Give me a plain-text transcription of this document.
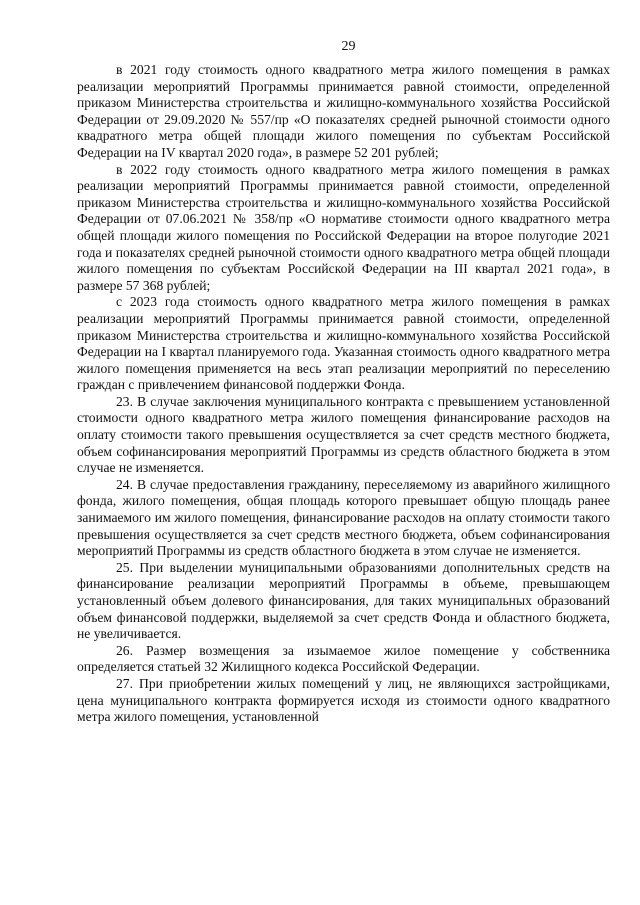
29

в 2021 году стоимость одного квадратного метра жилого помещения в рамках реализации мероприятий Программы принимается равной стоимости, определенной приказом Министерства строительства и жилищно-коммунального хозяйства Российской Федерации от 29.09.2020 № 557/пр «О показателях средней рыночной стоимости одного квадратного метра общей площади жилого помещения по субъектам Российской Федерации на IV квартал 2020 года», в размере 52 201 рублей;

в 2022 году стоимость одного квадратного метра жилого помещения в рамках реализации мероприятий Программы принимается равной стоимости, определенной приказом Министерства строительства и жилищно-коммунального хозяйства Российской Федерации от 07.06.2021 № 358/пр «О нормативе стоимости одного квадратного метра общей площади жилого помещения по Российской Федерации на второе полугодие 2021 года и показателях средней рыночной стоимости одного квадратного метра общей площади жилого помещения по субъектам Российской Федерации на III квартал 2021 года», в размере 57 368 рублей;

с 2023 года стоимость одного квадратного метра жилого помещения в рамках реализации мероприятий Программы принимается равной стоимости, определенной приказом Министерства строительства и жилищно-коммунального хозяйства Российской Федерации на I квартал планируемого года. Указанная стоимость одного квадратного метра жилого помещения применяется на весь этап реализации мероприятий по переселению граждан с привлечением финансовой поддержки Фонда.

23. В случае заключения муниципального контракта с превышением установленной стоимости одного квадратного метра жилого помещения финансирование расходов на оплату стоимости такого превышения осуществляется за счет средств местного бюджета, объем софинансирования мероприятий Программы из средств областного бюджета в этом случае не изменяется.

24. В случае предоставления гражданину, переселяемому из аварийного жилищного фонда, жилого помещения, общая площадь которого превышает общую площадь ранее занимаемого им жилого помещения, финансирование расходов на оплату стоимости такого превышения осуществляется за счет средств местного бюджета, объем софинансирования мероприятий Программы из средств областного бюджета в этом случае не изменяется.

25. При выделении муниципальными образованиями дополнительных средств на финансирование реализации мероприятий Программы в объеме, превышающем установленный объем долевого финансирования, для таких муниципальных образований объем финансовой поддержки, выделяемой за счет средств Фонда и областного бюджета, не увеличивается.

26. Размер возмещения за изымаемое жилое помещение у собственника определяется статьей 32 Жилищного кодекса Российской Федерации.

27. При приобретении жилых помещений у лиц, не являющихся застройщиками, цена муниципального контракта формируется исходя из стоимости одного квадратного метра жилого помещения, установленной
